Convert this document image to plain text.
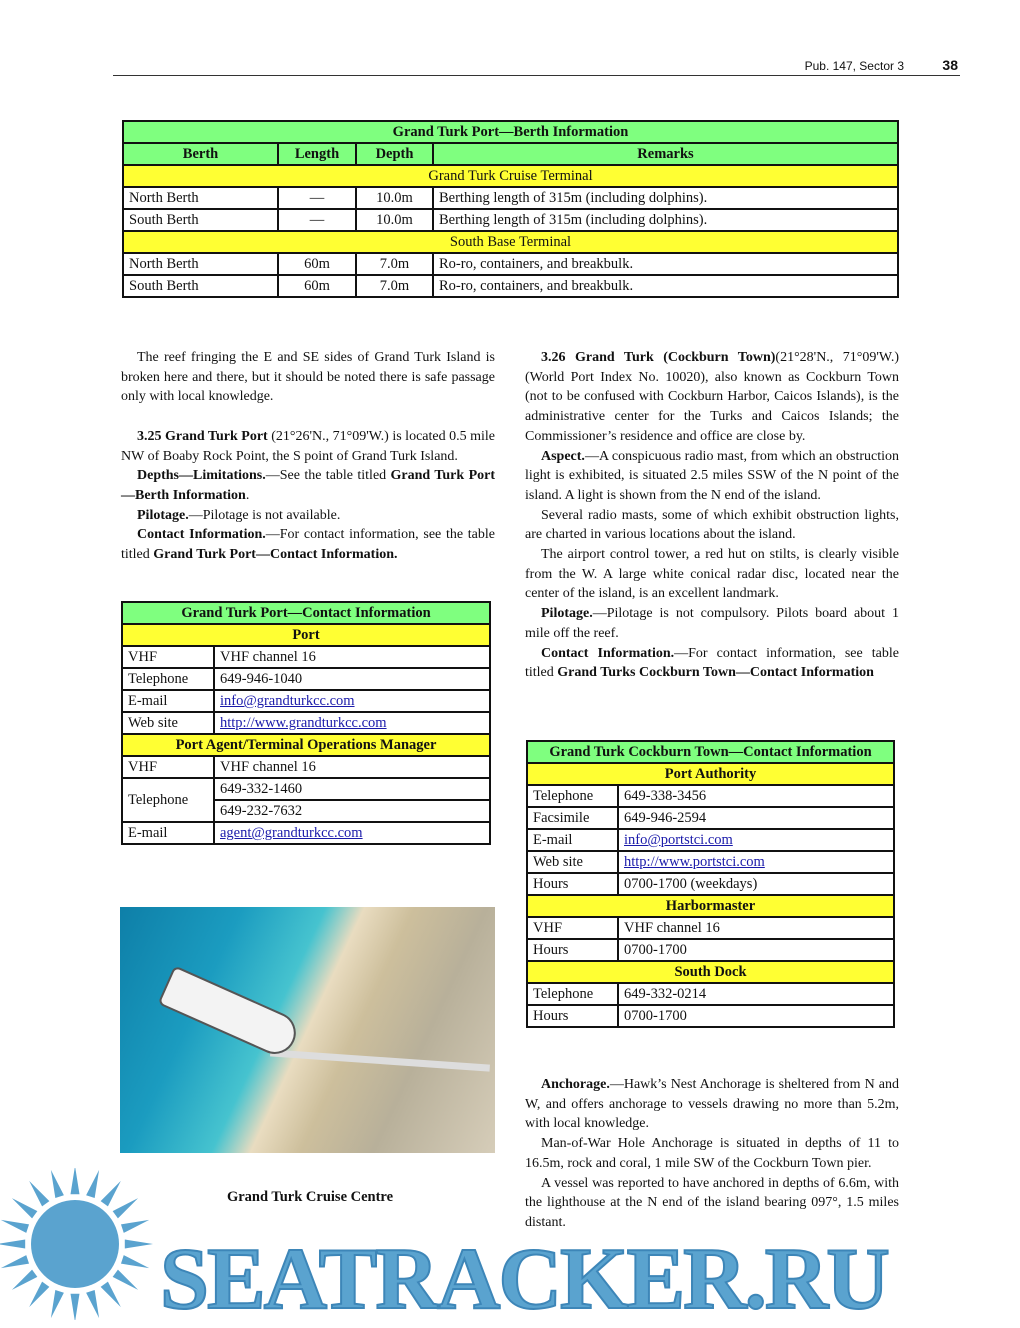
Pub. 147, Sector 3	38
Grand Turk Port—Berth Information			
Berth	Length	Depth	Remarks
Grand Turk Cruise Terminal			
North Berth	—	10.0m	Berthing length of 315m (including dolphins).
South Berth	—	10.0m	Berthing length of 315m (including dolphins).
South Base Terminal			
North Berth	60m	7.0m	Ro-ro, containers, and breakbulk.
South Berth	60m	7.0m	Ro-ro, containers, and breakbulk.

The reef fringing the E and SE sides of Grand Turk Island is broken here and there, but it should be noted there is safe passage only with local knowledge.

3.25 Grand Turk Port (21°26'N., 71°09'W.) is located 0.5 mile NW of Boaby Rock Point, the S point of Grand Turk Island.

Depths—Limitations.—See the table titled Grand Turk Port—Berth Information.

Pilotage.—Pilotage is not available.

Contact Information.—For contact information, see the table titled Grand Turk Port—Contact Information.

Grand Turk Port—Contact Information	
Port	
VHF	VHF channel 16
Telephone	649-946-1040
E-mail	info@grandturkcc.com
Web site	http://www.grandturkcc.com
Port Agent/Terminal Operations Manager	
VHF	VHF channel 16
Telephone	649-332-1460
	649-232-7632
E-mail	agent@grandturkcc.com
Grand Turk Cruise Centre

3.26 Grand Turk (Cockburn Town)(21°28'N., 71°09'W.) (World Port Index No. 10020), also known as Cockburn Town (not to be confused with Cockburn Harbor, Caicos Islands), is the administrative center for the Turks and Caicos Islands; the Commissioner’s residence and office are close by.

Aspect.—A conspicuous radio mast, from which an obstruction light is exhibited, is situated 2.5 miles SSW of the N point of the island. A light is shown from the N end of the island.

Several radio masts, some of which exhibit obstruction lights, are charted in various locations about the island.

The airport control tower, a red hut on stilts, is clearly visible from the W. A large white conical radar disc, located near the center of the island, is an excellent landmark.

Pilotage.—Pilotage is not compulsory. Pilots board about 1 mile off the reef.

Contact Information.—For contact information, see table titled Grand Turks Cockburn Town—Contact Information

Grand Turk Cockburn Town—Contact Information	
Port Authority	
Telephone	649-338-3456
Facsimile	649-946-2594
E-mail	info@portstci.com
Web site	http://www.portstci.com
Hours	0700-1700 (weekdays)
Harbormaster	
VHF	VHF channel 16
Hours	0700-1700
South Dock	
Telephone	649-332-0214
Hours	0700-1700

Anchorage.—Hawk’s Nest Anchorage is sheltered from N and W, and offers anchorage to vessels drawing no more than 5.2m, with local knowledge.

Man-of-War Hole Anchorage is situated in depths of 11 to 16.5m, rock and coral, 1 mile SW of the Cockburn Town pier.

A vessel was reported to have anchored in depths of 6.6m, with the lighthouse at the N end of the island bearing 097°, 1.5 miles distant.

SEATRACKER.RU
